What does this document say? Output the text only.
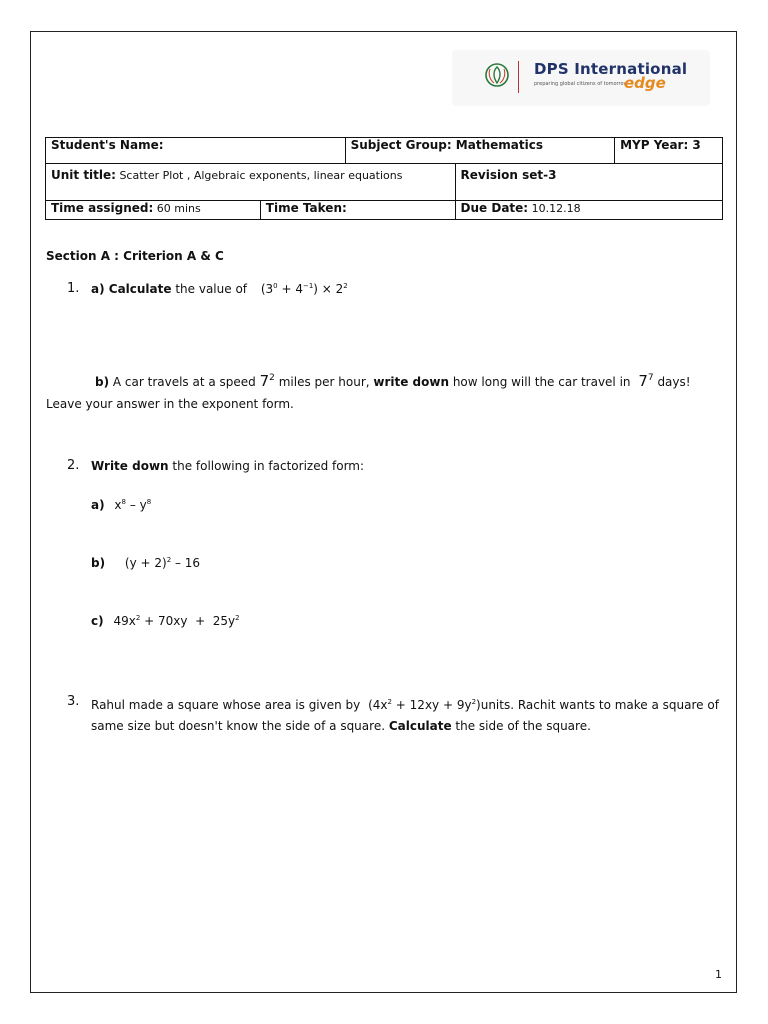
DPS International
preparing global citizens of tomorrow
edge
Student's Name:		Subject Group: Mathematics		MYP Year: 3
Unit title: Scatter Plot , Algebraic exponents, linear equations			Revision set-3	
Time assigned: 60 mins	Time Taken:		Due Date: 10.12.18	
Section A : Criterion A & C
1. a) Calculate the value of $(3^0 + 4^{-1}) \times 2^2$
b) A car travels at a speed $7^2$ miles per hour, write down how long will the car travel in $7^7$ days!
Leave your answer in the exponent form.
2. Write down the following in factorized form:
a) $x^8 - y^8$
b) $(y + 2)^2 - 16$
c) $49x^2 + 70xy + 25y^2$
3. Rahul made a square whose area is given by ($4x^2 + 12xy$ + $9y^2)units$. Rachit wants to make a square of same size but doesn't know the side of a square. Calculate the side of the square.
1
